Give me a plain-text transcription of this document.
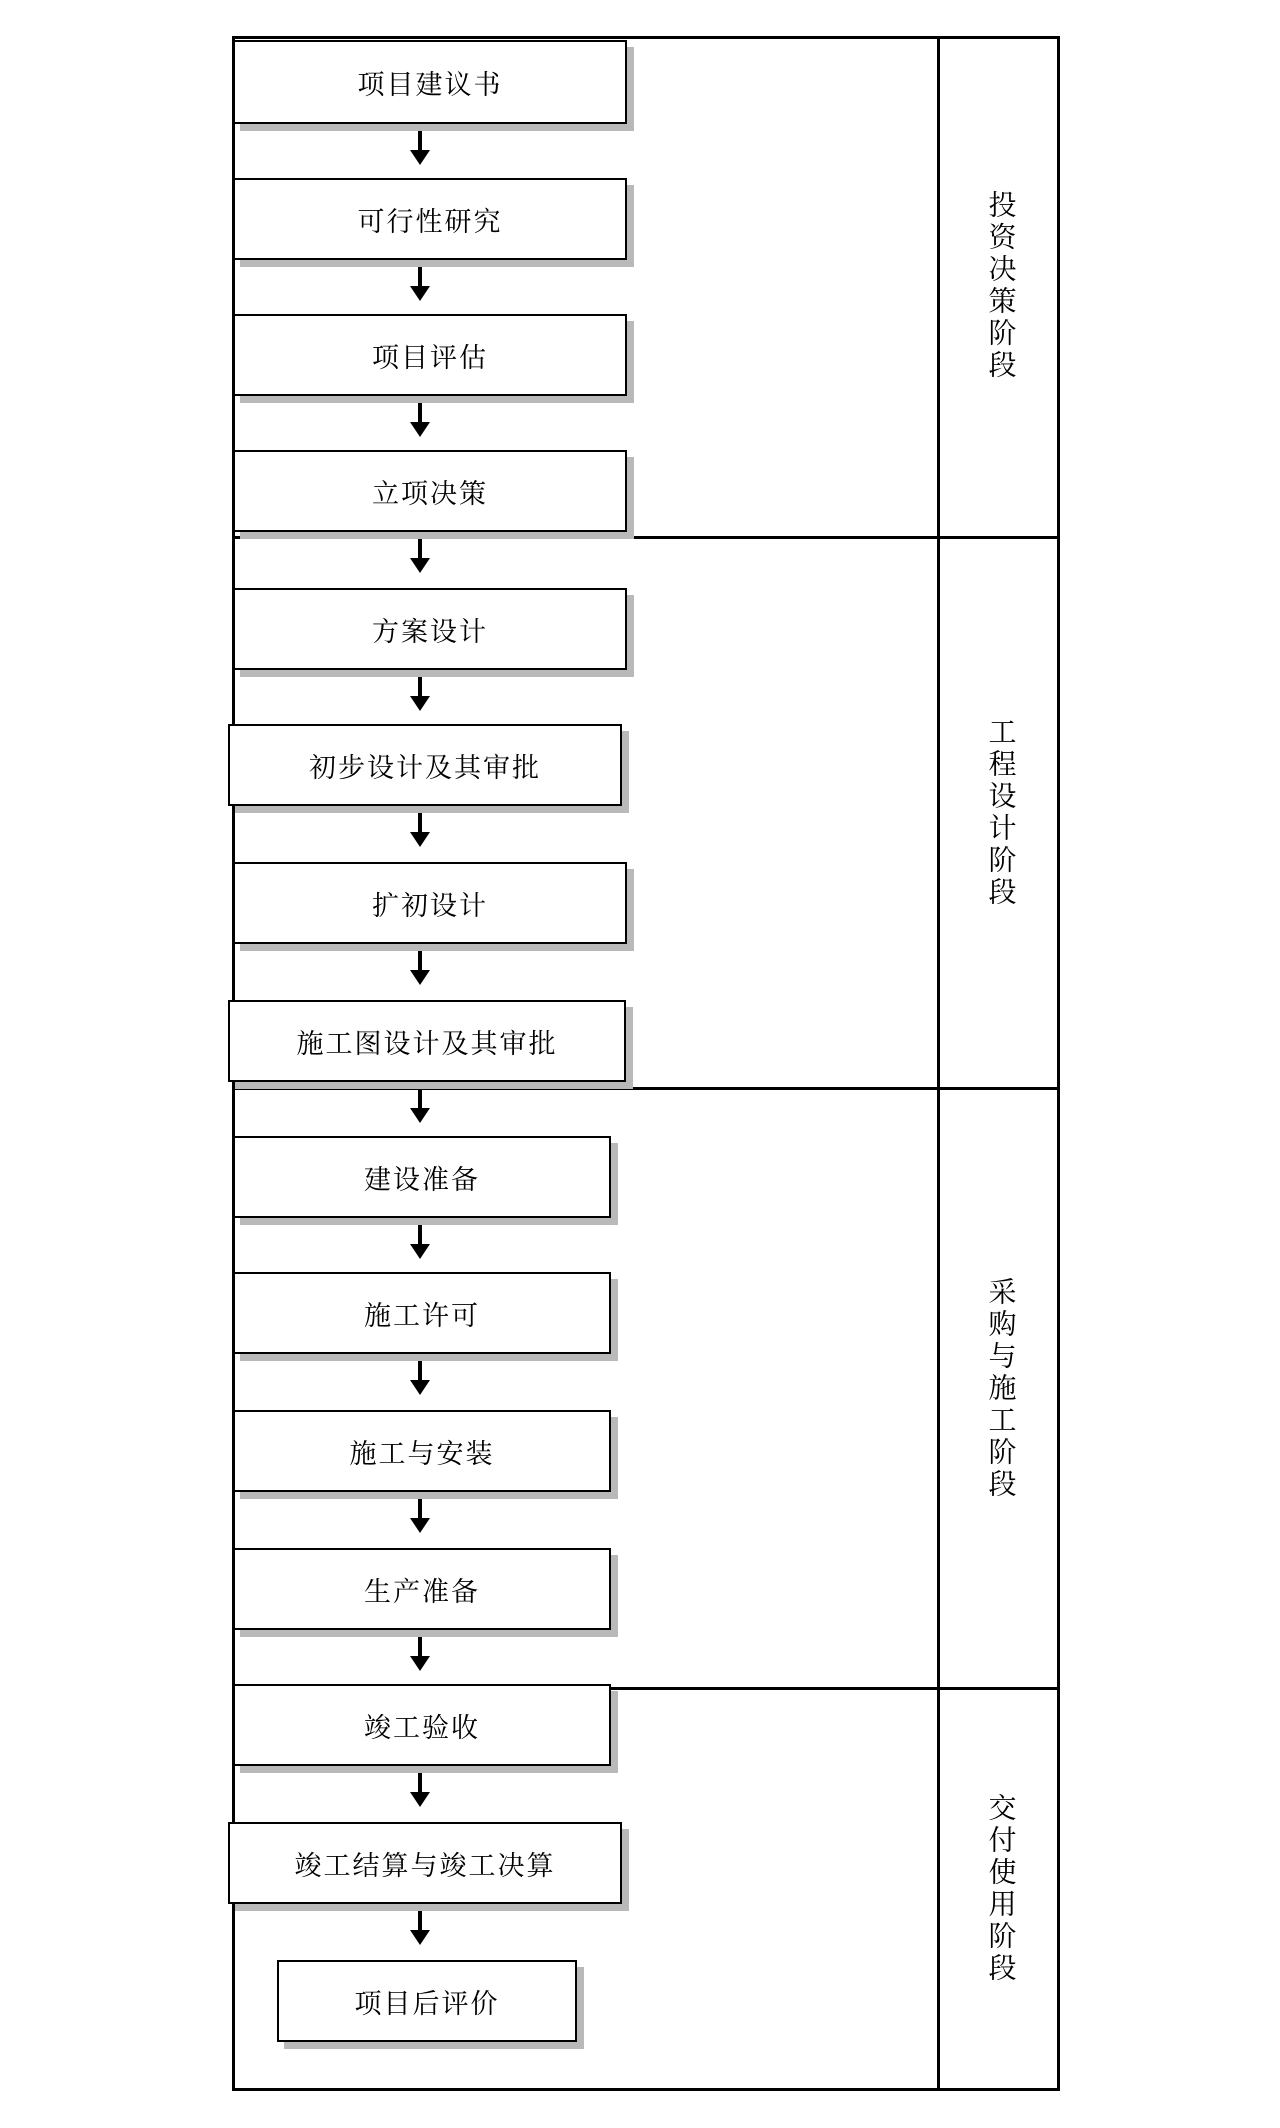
项目建议书
可行性研究
项目评估
立项决策
方案设计
初步设计及其审批
扩初设计
施工图设计及其审批
建设准备
施工许可
施工与安装
生产准备
竣工验收
竣工结算与竣工决算
项目后评价
投资决策阶段
工程设计阶段
采购与施工阶段
交付使用阶段
